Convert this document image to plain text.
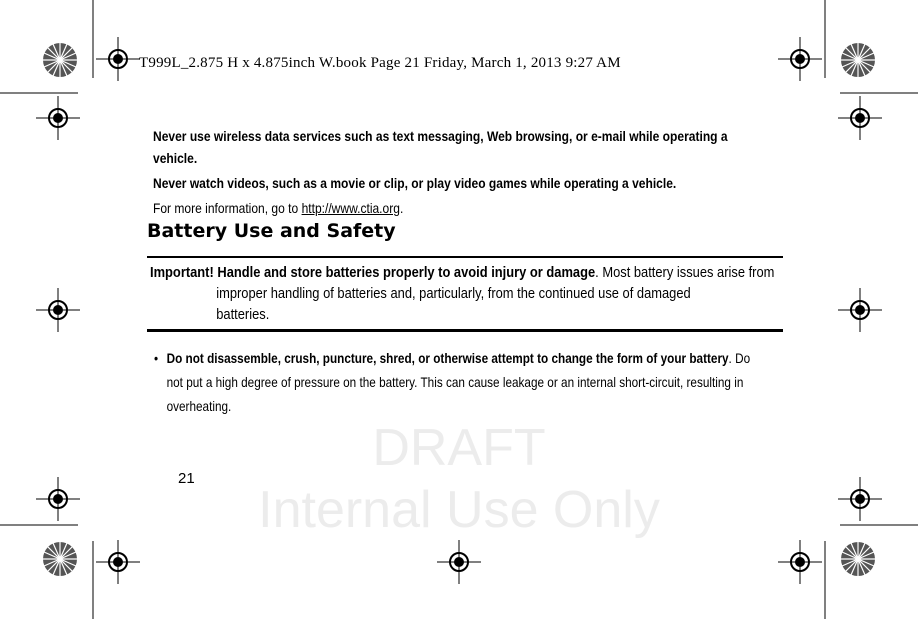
DRAFT
Internal Use Only
T999L_2.875 H x 4.875inch W.book Page 21 Friday, March 1, 2013 9:27 AM
Never use wireless data services such as text messaging, Web browsing, or e-mail while operating a
vehicle.
Never watch videos, such as a movie or clip, or play video games while operating a vehicle.
For more information, go to http://www.ctia.org.
Battery Use and Safety
Important! Handle and store batteries properly to avoid injury or damage. Most battery issues arise from
improper handling of batteries and, particularly, from the continued use of damaged
batteries.
• Do not disassemble, crush, puncture, shred, or otherwise attempt to change the form of your battery. Do
not put a high degree of pressure on the battery. This can cause leakage or an internal short-circuit, resulting in
overheating.
21
